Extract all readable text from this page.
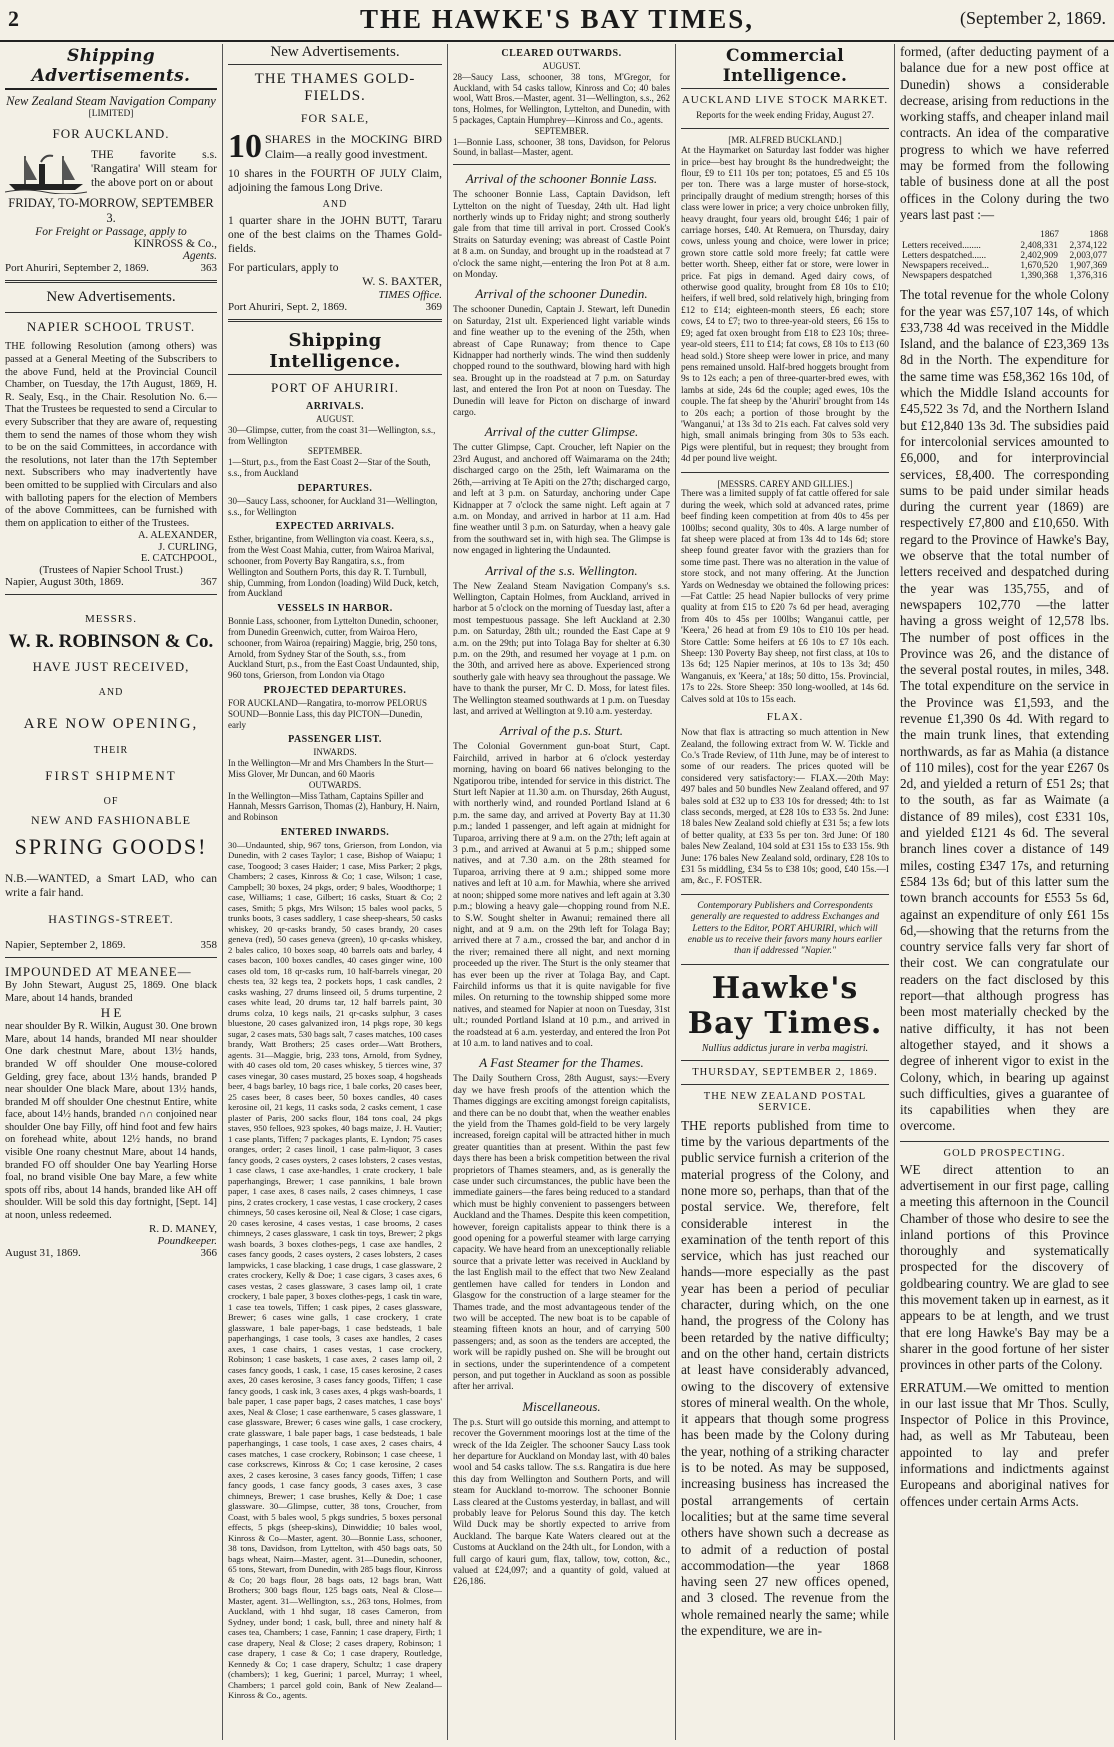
2	THE HAWKE'S BAY TIMES,	(September 2, 1869.
Shipping Advertisements.

New Zealand Steam Navigation Company

[LIMITED]

FOR AUCKLAND.

THE favorite s.s. 'Rangatira' Will steam for the above port on or about

FRIDAY, TO-MORROW, SEPTEMBER 3.

For Freight or Passage, apply to

KINROSS & Co.,

Agents.

Port Ahuriri, September 2, 1869.	363

New Advertisements.

NAPIER SCHOOL TRUST.

THE following Resolution (among others) was passed at a General Meeting of the Subscribers to the above Fund, held at the Provincial Council Chamber, on Tuesday, the 17th August, 1869, H. R. Sealy, Esq., in the Chair. Resolution No. 6.—That the Trustees be requested to send a Circular to every Subscriber that they are aware of, requesting them to send the names of those whom they wish to be on the said Committees, in accordance with the resolutions, not later than the 17th September next. Subscribers who may inadvertently have been omitted to be supplied with Circulars and also with balloting papers for the election of Members of the above Committees, can be furnished with them on application to either of the Trustees.

A. ALEXANDER,

J. CURLING,

E. CATCHPOOL,

(Trustees of Napier School Trust.)

Napier, August 30th, 1869.	367

MESSRS.

W. R. ROBINSON & Co.

HAVE JUST RECEIVED,

AND

ARE NOW OPENING,

THEIR

FIRST SHIPMENT

OF

NEW AND FASHIONABLE

SPRING GOODS!

N.B.—WANTED, a Smart LAD, who can write a fair hand.

HASTINGS-STREET.

Napier, September 2, 1869.	358

IMPOUNDED AT MEANEE—

By John Stewart, August 25, 1869. One black Mare, about 14 hands, branded

H E

near shoulder By R. Wilkin, August 30. One brown Mare, about 14 hands, branded MI near shoulder One dark chestnut Mare, about 13½ hands, branded W off shoulder One mouse-colored Gelding, grey face, about 13½ hands, branded P near shoulder One black Mare, about 13½ hands, branded M off shoulder One chestnut Entire, white face, about 14½ hands, branded ∩∩ conjoined near shoulder One bay Filly, off hind foot and few hairs on forehead white, about 12½ hands, no brand visible One roany chestnut Mare, about 14 hands, branded FO off shoulder One bay Yearling Horse foal, no brand visible One bay Mare, a few white spots off ribs, about 14 hands, branded like AH off shoulder. Will be sold this day fortnight, [Sept. 14] at noon, unless redeemed.

R. D. MANEY,

Poundkeeper.

August 31, 1869.	366

New Advertisements.

THE THAMES GOLD-FIELDS.

FOR SALE,

10 SHARES in the MOCKING BIRD Claim—a really good investment.

10 shares in the FOURTH OF JULY Claim, adjoining the famous Long Drive.

AND

1 quarter share in the JOHN BUTT, Tararu one of the best claims on the Thames Gold-fields.

For particulars, apply to

W. S. BAXTER,

TIMES Office.

Port Ahuriri, Sept. 2, 1869.	369
Shipping Intelligence.

PORT OF AHURIRI.

ARRIVALS.

AUGUST.

30—Glimpse, cutter, from the coast 31—Wellington, s.s., from Wellington

SEPTEMBER.

1—Sturt, p.s., from the East Coast 2—Star of the South, s.s., from Auckland

DEPARTURES.

30—Saucy Lass, schooner, for Auckland 31—Wellington, s.s., for Wellington

EXPECTED ARRIVALS.

Esther, brigantine, from Wellington via coast. Keera, s.s., from the West Coast Mahia, cutter, from Wairoa Marival, schooner, from Poverty Bay Rangatira, s.s., from Wellington and Southern Ports, this day R. T. Turnbull, ship, Cumming, from London (loading) Wild Duck, ketch, from Auckland

VESSELS IN HARBOR.

Bonnie Lass, schooner, from Lyttelton Dunedin, schooner, from Dunedin Greenwich, cutter, from Wairoa Hero, schooner, from Wairoa (repairing) Maggie, brig, 250 tons, Arnold, from Sydney Star of the South, s.s., from Auckland Sturt, p.s., from the East Coast Undaunted, ship, 960 tons, Grierson, from London via Otago

PROJECTED DEPARTURES.

FOR AUCKLAND—Rangatira, to-morrow PELORUS SOUND—Bonnie Lass, this day PICTON—Dunedin, early

PASSENGER LIST.

INWARDS.

In the Wellington—Mr and Mrs Chambers In the Sturt—Miss Glover, Mr Duncan, and 60 Maoris

OUTWARDS.

In the Wellington—Miss Tatham, Captains Spiller and Hannah, Messrs Garrison, Thomas (2), Hanbury, H. Nairn, and Robinson

ENTERED INWARDS.

30—Undaunted, ship, 967 tons, Grierson, from London, via Dunedin, with 2 cases Taylor; 1 case, Bishop of Waiapu; 1 case, Toogood; 3 cases Haider; 1 case, Miss Parker; 2 pkgs, Chambers; 2 cases, Kinross & Co; 1 case, Wilson; 1 case, Campbell; 30 boxes, 24 pkgs, order; 9 bales, Woodthorpe; 1 case, Williams; 1 case, Gilbert; 16 casks, Stuart & Co; 2 cases, Smith; 5 pkgs, Mrs Wilson; 15 bales wool packs, 5 trunks boots, 3 cases saddlery, 1 case sheep-shears, 50 casks whiskey, 20 qr-casks brandy, 50 cases brandy, 20 cases geneva (red), 50 cases geneva (green), 10 qr-casks whiskey, 2 bales calico, 10 boxes soap, 40 barrels oats and barley, 4 cases bacon, 100 boxes candles, 40 cases ginger wine, 100 cases old tom, 18 qr-casks rum, 10 half-barrels vinegar, 20 chests tea, 32 kegs tea, 2 pockets hops, 1 cask candles, 2 casks washing, 27 drums linseed oil, 5 drums turpentine, 2 cases white lead, 20 drums tar, 12 half barrels paint, 30 drums colza, 10 kegs nails, 21 qr-casks sulphur, 3 cases bluestone, 20 cases galvanized iron, 14 pkgs rope, 30 kegs sugar, 2 cases mats, 530 bags salt, 7 cases matches, 100 cases brandy, Watt Brothers; 25 cases order—Watt Brothers, agents. 31—Maggie, brig, 233 tons, Arnold, from Sydney, with 40 cases old tom, 20 cases whiskey, 5 tierces wine, 37 cases vinegar, 30 cases mustard, 25 boxes soap, 4 hogsheads beer, 4 bags barley, 10 bags rice, 1 bale corks, 20 cases beer, 25 cases beer, 8 cases beer, 50 boxes candles, 40 cases kerosine oil, 21 kegs, 11 casks soda, 2 casks cement, 1 case plaster of Paris, 200 sacks flour, 184 tons coal, 24 pkgs staves, 950 felloes, 923 spokes, 40 bags maize, J. H. Vautier; 1 case plants, Tiffen; 7 packages plants, E. Lyndon; 75 cases oranges, order; 2 cases linoil, 1 case palm-liquor, 3 cases fancy goods, 2 cases oysters, 2 cases lobsters, 2 cases vestas, 1 case claws, 1 case axe-handles, 1 crate crockery, 1 bale paperhangings, Brewer; 1 case pannikins, 1 bale brown paper, 1 case axes, 8 cases nails, 2 cases chimneys, 1 case pins, 2 crates crockery, 1 case vestas, 1 case crockery, 2 cases chimneys, 50 cases kerosine oil, Neal & Close; 1 case cigars, 20 cases kerosine, 4 cases vestas, 1 case brooms, 2 cases chimneys, 2 cases glassware, 1 cask tin toys, Brewer; 2 pkgs wash boards, 3 boxes clothes-pegs, 1 case axe handles, 2 cases fancy goods, 2 cases oysters, 2 cases lobsters, 2 cases lampwicks, 1 case blacking, 1 case drugs, 1 case glassware, 2 crates crockery, Kelly & Doe; 1 case cigars, 3 cases axes, 6 cases vestas, 2 cases glassware, 3 cases lamp oil, 1 crate crockery, 1 bale paper, 3 boxes clothes-pegs, 1 cask tin ware, 1 case tea towels, Tiffen; 1 cask pipes, 2 cases glassware, Brewer; 6 cases wine galls, 1 case crockery, 1 crate glassware, 1 bale paper-bags, 1 case bedsteads, 1 bale paperhangings, 1 case tools, 3 cases axe handles, 2 cases axes, 1 case chairs, 1 cases vestas, 1 case crockery, Robinson; 1 case baskets, 1 case axes, 2 cases lamp oil, 2 cases fancy goods, 1 cask, 1 case, 15 cases kerosine, 2 cases axes, 20 cases kerosine, 3 cases fancy goods, Tiffen; 1 case fancy goods, 1 cask ink, 3 cases axes, 4 pkgs wash-boards, 1 bale paper, 1 case paper bags, 2 cases matches, 1 case boys' axes, Neal & Close; 1 case earthenware, 5 cases glassware, 1 case glassware, Brewer; 6 cases wine galls, 1 case crockery, crate glassware, 1 bale paper bags, 1 case bedsteads, 1 bale paperhangings, 1 case tools, 1 case axes, 2 cases chairs, 4 cases matches, 1 case crockery, Robinson; 1 case cheese, 1 case corkscrews, Kinross & Co; 1 case kerosine, 2 cases axes, 2 cases kerosine, 3 cases fancy goods, Tiffen; 1 case fancy goods, 1 case fancy goods, 3 cases axes, 3 case chimneys, Brewer; 1 case brushes, Kelly & Doe; 1 case glassware. 30—Glimpse, cutter, 38 tons, Croucher, from Coast, with 5 bales wool, 5 pkgs sundries, 5 boxes personal effects, 5 pkgs (sheep-skins), Dinwiddie; 10 bales wool, Kinross & Co—Master, agent. 30—Bonnie Lass, schooner, 38 tons, Davidson, from Lyttelton, with 450 bags oats, 50 bags wheat, Nairn—Master, agent. 31—Dunedin, schooner, 65 tons, Stewart, from Dunedin, with 285 bags flour, Kinross & Co; 20 bags flour, 28 bags oats, 12 bags bran, Watt Brothers; 300 bags flour, 125 bags oats, Neal & Close—Master, agent. 31—Wellington, s.s., 263 tons, Holmes, from Auckland, with 1 hhd sugar, 18 cases Cameron, from Sydney, under bond; 1 cask, bull, three and ninety half & cases tea, Chambers; 1 case, Fannin; 1 case drapery, Firth; 1 case drapery, Neal & Close; 2 cases drapery, Robinson; 1 case drapery, 1 case & Co; 1 case drapery, Routledge, Kennedy & Co; 1 case drapery, Schultz; 1 case drapery (chambers); 1 keg, Guerini; 1 parcel, Murray; 1 wheel, Chambers; 1 parcel gold coin, Bank of New Zealand—Kinross & Co., agents.

CLEARED OUTWARDS.

AUGUST.

28—Saucy Lass, schooner, 38 tons, M'Gregor, for Auckland, with 54 casks tallow, Kinross and Co; 40 bales wool, Watt Bros.—Master, agent. 31—Wellington, s.s., 262 tons, Holmes, for Wellington, Lyttelton, and Dunedin, with 5 packages, Captain Humphrey—Kinross and Co., agents.

SEPTEMBER.

1—Bonnie Lass, schooner, 38 tons, Davidson, for Pelorus Sound, in ballast—Master, agent.

Arrival of the schooner Bonnie Lass.

The schooner Bonnie Lass, Captain Davidson, left Lyttelton on the night of Tuesday, 24th ult. Had light northerly winds up to Friday night; and strong southerly gale from that time till arrival in port. Crossed Cook's Straits on Saturday evening; was abreast of Castle Point at 8 a.m. on Sunday, and brought up in the roadstead at 7 o'clock the same night,—entering the Iron Pot at 8 a.m. on Monday.

Arrival of the schooner Dunedin.

The schooner Dunedin, Captain J. Stewart, left Dunedin on Saturday, 21st ult. Experienced light variable winds and fine weather up to the evening of the 25th, when abreast of Cape Runaway; from thence to Cape Kidnapper had northerly winds. The wind then suddenly chopped round to the southward, blowing hard with high sea. Brought up in the roadstead at 7 p.m. on Saturday last, and entered the Iron Pot at noon on Tuesday. The Dunedin will leave for Picton on discharge of inward cargo.

Arrival of the cutter Glimpse.

The cutter Glimpse, Capt. Croucher, left Napier on the 23rd August, and anchored off Waimarama on the 24th; discharged cargo on the 25th, left Waimarama on the 26th,—arriving at Te Apiti on the 27th; discharged cargo, and left at 3 p.m. on Saturday, anchoring under Cape Kidnapper at 7 o'clock the same night. Left again at 7 a.m. on Monday, and arrived in harbor at 11 a.m. Had fine weather until 3 p.m. on Saturday, when a heavy gale from the southward set in, with high sea. The Glimpse is now engaged in lightering the Undaunted.

Arrival of the s.s. Wellington.

The New Zealand Steam Navigation Company's s.s. Wellington, Captain Holmes, from Auckland, arrived in harbor at 5 o'clock on the morning of Tuesday last, after a most tempestuous passage. She left Auckland at 2.30 p.m. on Saturday, 28th ult.; rounded the East Cape at 9 a.m. on the 29th; put into Tolaga Bay for shelter at 6.30 p.m. on the 29th, and resumed her voyage at 1 p.m. on the 30th, and arrived here as above. Experienced strong southerly gale with heavy sea throughout the passage. We have to thank the purser, Mr C. D. Moss, for latest files. The Wellington steamed southwards at 1 p.m. on Tuesday last, and arrived at Wellington at 9.10 a.m. yesterday.

Arrival of the p.s. Sturt.

The Colonial Government gun-boat Sturt, Capt. Fairchild, arrived in harbor at 6 o'clock yesterday morning, having on board 66 natives belonging to the Ngatiporou tribe, intended for service in this district. The Sturt left Napier at 11.30 a.m. on Thursday, 26th August, with northerly wind, and rounded Portland Island at 6 p.m. the same day, and arrived at Poverty Bay at 11.30 p.m.; landed 1 passenger, and left again at midnight for Tuparoa, arriving there at 9 a.m. on the 27th; left again at 3 p.m., and arrived at Awanui at 5 p.m.; shipped some natives, and at 7.30 a.m. on the 28th steamed for Tuparoa, arriving there at 9 a.m.; shipped some more natives and left at 10 a.m. for Mawhia, where she arrived at noon; shipped some more natives and left again at 3.30 p.m.; blowing a heavy gale—chopping round from N.E. to S.W. Sought shelter in Awanui; remained there all night, and at 9 a.m. on the 29th left for Tolaga Bay; arrived there at 7 a.m., crossed the bar, and anchor d in the river; remained there all night, and next morning proceeded up the river. The Sturt is the only steamer that has ever been up the river at Tolaga Bay, and Capt. Fairchild informs us that it is quite navigable for five miles. On returning to the township shipped some more natives, and steamed for Napier at noon on Tuesday, 31st ult.; rounded Portland Island at 10 p.m., and arrived in the roadstead at 6 a.m. yesterday, and entered the Iron Pot at 10 a.m. to land natives and to coal.

A Fast Steamer for the Thames.

The Daily Southern Cross, 28th August, says:—Every day we have fresh proofs of the attention which the Thames diggings are exciting amongst foreign capitalists, and there can be no doubt that, when the weather enables the yield from the Thames gold-field to be very largely increased, foreign capital will be attracted hither in much greater quantities than at present. Within the past few days there has been a brisk competition between the rival proprietors of Thames steamers, and, as is generally the case under such circumstances, the public have been the immediate gainers—the fares being reduced to a standard which must be highly convenient to passengers between Auckland and the Thames. Despite this keen competition, however, foreign capitalists appear to think there is a good opening for a powerful steamer with large carrying capacity. We have heard from an unexceptionally reliable source that a private letter was received in Auckland by the last English mail to the effect that two New Zealand gentlemen have called for tenders in London and Glasgow for the construction of a large steamer for the Thames trade, and the most advantageous tender of the two will be accepted. The new boat is to be capable of steaming fifteen knots an hour, and of carrying 500 passengers; and, as soon as the tenders are accepted, the work will be rapidly pushed on. She will be brought out in sections, under the superintendence of a competent person, and put together in Auckland as soon as possible after her arrival.

Miscellaneous.

The p.s. Sturt will go outside this morning, and attempt to recover the Government moorings lost at the time of the wreck of the Ida Zeigler. The schooner Saucy Lass took her departure for Auckland on Monday last, with 40 bales wool and 54 casks tallow. The s.s. Rangatira is due here this day from Wellington and Southern Ports, and will steam for Auckland to-morrow. The schooner Bonnie Lass cleared at the Customs yesterday, in ballast, and will probably leave for Pelorus Sound this day. The ketch Wild Duck may be shortly expected to arrive from Auckland. The barque Kate Waters cleared out at the Customs at Auckland on the 24th ult., for London, with a full cargo of kauri gum, flax, tallow, tow, cotton, &c., valued at £24,097; and a quantity of gold, valued at £26,186.

Commercial Intelligence.

AUCKLAND LIVE STOCK MARKET.

Reports for the week ending Friday, August 27.

[MR. ALFRED BUCKLAND.]

At the Haymarket on Saturday last fodder was higher in price—best hay brought 8s the hundredweight; the flour, £9 to £11 10s per ton; potatoes, £5 and £5 10s per ton. There was a large muster of horse-stock, principally draught of medium strength; horses of this class were lower in price; a very choice unbroken filly, heavy draught, four years old, brought £46; 1 pair of carriage horses, £40. At Remuera, on Thursday, dairy cows, unless young and choice, were lower in price; grown store cattle sold more freely; fat cattle were better worth. Sheep, either fat or store, were lower in price. Fat pigs in demand. Aged dairy cows, of otherwise good quality, brought from £8 10s to £10; heifers, if well bred, sold relatively high, bringing from £12 to £14; eighteen-month steers, £6 each; store cows, £4 to £7; two to three-year-old steers, £6 15s to £9; aged fat oxen brought from £18 to £23 10s; three-year-old steers, £11 to £14; fat cows, £8 10s to £13 (60 head sold.) Store sheep were lower in price, and many pens remained unsold. Half-bred hoggets brought from 9s to 12s each; a pen of three-quarter-bred ewes, with lambs at side, 24s 6d the couple; aged ewes, 10s the couple. The fat sheep by the 'Ahuriri' brought from 14s to 20s each; a portion of those brought by the 'Wanganui,' at 13s 3d to 21s each. Fat calves sold very high, small animals bringing from 30s to 53s each. Pigs were plentiful, but in request; they brought from 4d per pound live weight.

[MESSRS. CAREY AND GILLIES.]

There was a limited supply of fat cattle offered for sale during the week, which sold at advanced rates, prime beef finding keen competition at from 40s to 45s per 100lbs; second quality, 30s to 40s. A large number of fat sheep were placed at from 13s 4d to 14s 6d; store sheep found greater favor with the graziers than for some time past. There was no alteration in the value of store stock, and not many offering. At the Junction Yards on Wednesday we obtained the following prices:—Fat Cattle: 25 head Napier bullocks of very prime quality at from £15 to £20 7s 6d per head, averaging from 40s to 45s per 100lbs; Wanganui cattle, per 'Keera,' 26 head at from £9 10s to £10 10s per head. Store Cattle: Some heifers at £6 10s to £7 10s each. Sheep: 130 Poverty Bay sheep, not first class, at 10s to 13s 6d; 125 Napier merinos, at 10s to 13s 3d; 450 Wanganuis, ex 'Keera,' at 18s; 50 ditto, 15s. Provincial, 17s to 22s. Store Sheep: 350 long-woolled, at 14s 6d. Calves sold at 10s to 15s each.

FLAX.

Now that flax is attracting so much attention in New Zealand, the following extract from W. W. Tickle and Co.'s Trade Review, of 11th June, may be of interest to some of our readers. The prices quoted will be considered very satisfactory:— FLAX.—20th May: 497 bales and 50 bundles New Zealand offered, and 97 bales sold at £32 up to £33 10s for dressed; 4th: to 1st class seconds, merged, at £28 10s to £33 5s. 2nd June: 18 bales New Zealand sold chiefly at £31 5s; a few lots of better quality, at £33 5s per ton. 3rd June: Of 180 bales New Zealand, 104 sold at £31 15s to £33 15s. 9th June: 176 bales New Zealand sold, ordinary, £28 10s to £31 5s middling, £34 5s to £38 10s; good, £40 15s.—I am, &c., F. FOSTER.

Contemporary Publishers and Correspondents generally are requested to address Exchanges and Letters to the Editor, PORT AHURIRI, which will enable us to receive their favors many hours earlier than if addressed "Napier."

Hawke's Bay Times.

Nullius addictus jurare in verba magistri.

THURSDAY, SEPTEMBER 2, 1869.

THE NEW ZEALAND POSTAL SERVICE.

THE reports published from time to time by the various departments of the public service furnish a criterion of the material progress of the Colony, and none more so, perhaps, than that of the postal service. We, therefore, felt considerable interest in the examination of the tenth report of this service, which has just reached our hands—more especially as the past year has been a period of peculiar character, during which, on the one hand, the progress of the Colony has been retarded by the native difficulty; and on the other hand, certain districts at least have considerably advanced, owing to the discovery of extensive stores of mineral wealth. On the whole, it appears that though some progress has been made by the Colony during the year, nothing of a striking character is to be noted. As may be supposed, increasing business has increased the postal arrangements of certain localities; but at the same time several others have shown such a decrease as to admit of a reduction of postal accommodation—the year 1868 having seen 27 new offices opened, and 3 closed. The revenue from the whole remained nearly the same; while the expenditure, we are in-

formed, (after deducting payment of a balance due for a new post office at Dunedin) shows a considerable decrease, arising from reductions in the working staffs, and cheaper inland mail contracts. An idea of the comparative progress to which we have referred may be formed from the following table of business done at all the post offices in the Colony during the two years last past :—

	1867	1868
Letters received........	2,408,331	2,374,122
Letters despatched......	2,402,909	2,003,077
Newspapers received...	1,670,520	1,907,369
Newspapers despatched	1,390,368	1,376,316

The total revenue for the whole Colony for the year was £57,107 14s, of which £33,738 4d was received in the Middle Island, and the balance of £23,369 13s 8d in the North. The expenditure for the same time was £58,362 16s 10d, of which the Middle Island accounts for £45,522 3s 7d, and the Northern Island but £12,840 13s 3d. The subsidies paid for intercolonial services amounted to £6,000, and for interprovincial services, £8,400. The corresponding sums to be paid under similar heads during the current year (1869) are respectively £7,800 and £10,650. With regard to the Province of Hawke's Bay, we observe that the total number of letters received and despatched during the year was 135,755, and of newspapers 102,770 —the latter having a gross weight of 12,578 lbs. The number of post offices in the Province was 26, and the distance of the several postal routes, in miles, 348. The total expenditure on the service in the Province was £1,593, and the revenue £1,390 0s 4d. With regard to the main trunk lines, that extending northwards, as far as Mahia (a distance of 110 miles), cost for the year £267 0s 2d, and yielded a return of £51 2s; that to the south, as far as Waimate (a distance of 89 miles), cost £331 10s, and yielded £121 4s 6d. The several branch lines cover a distance of 149 miles, costing £347 17s, and returning £584 13s 6d; but of this latter sum the town branch accounts for £553 5s 6d, against an expenditure of only £61 15s 6d,—showing that the returns from the country service falls very far short of their cost. We can congratulate our readers on the fact disclosed by this report—that although progress has been most materially checked by the native difficulty, it has not been altogether stayed, and it shows a degree of inherent vigor to exist in the Colony, which, in bearing up against such difficulties, gives a guarantee of its capabilities when they are overcome.

GOLD PROSPECTING.

WE direct attention to an advertisement in our first page, calling a meeting this afternoon in the Council Chamber of those who desire to see the inland portions of this Province thoroughly and systematically prospected for the discovery of goldbearing country. We are glad to see this movement taken up in earnest, as it appears to be at length, and we trust that ere long Hawke's Bay may be a sharer in the good fortune of her sister provinces in other parts of the Colony.

ERRATUM.—We omitted to mention in our last issue that Mr Thos. Scully, Inspector of Police in this Province, had, as well as Mr Tabuteau, been appointed to lay and prefer informations and indictments against Europeans and aboriginal natives for offences under certain Arms Acts.
